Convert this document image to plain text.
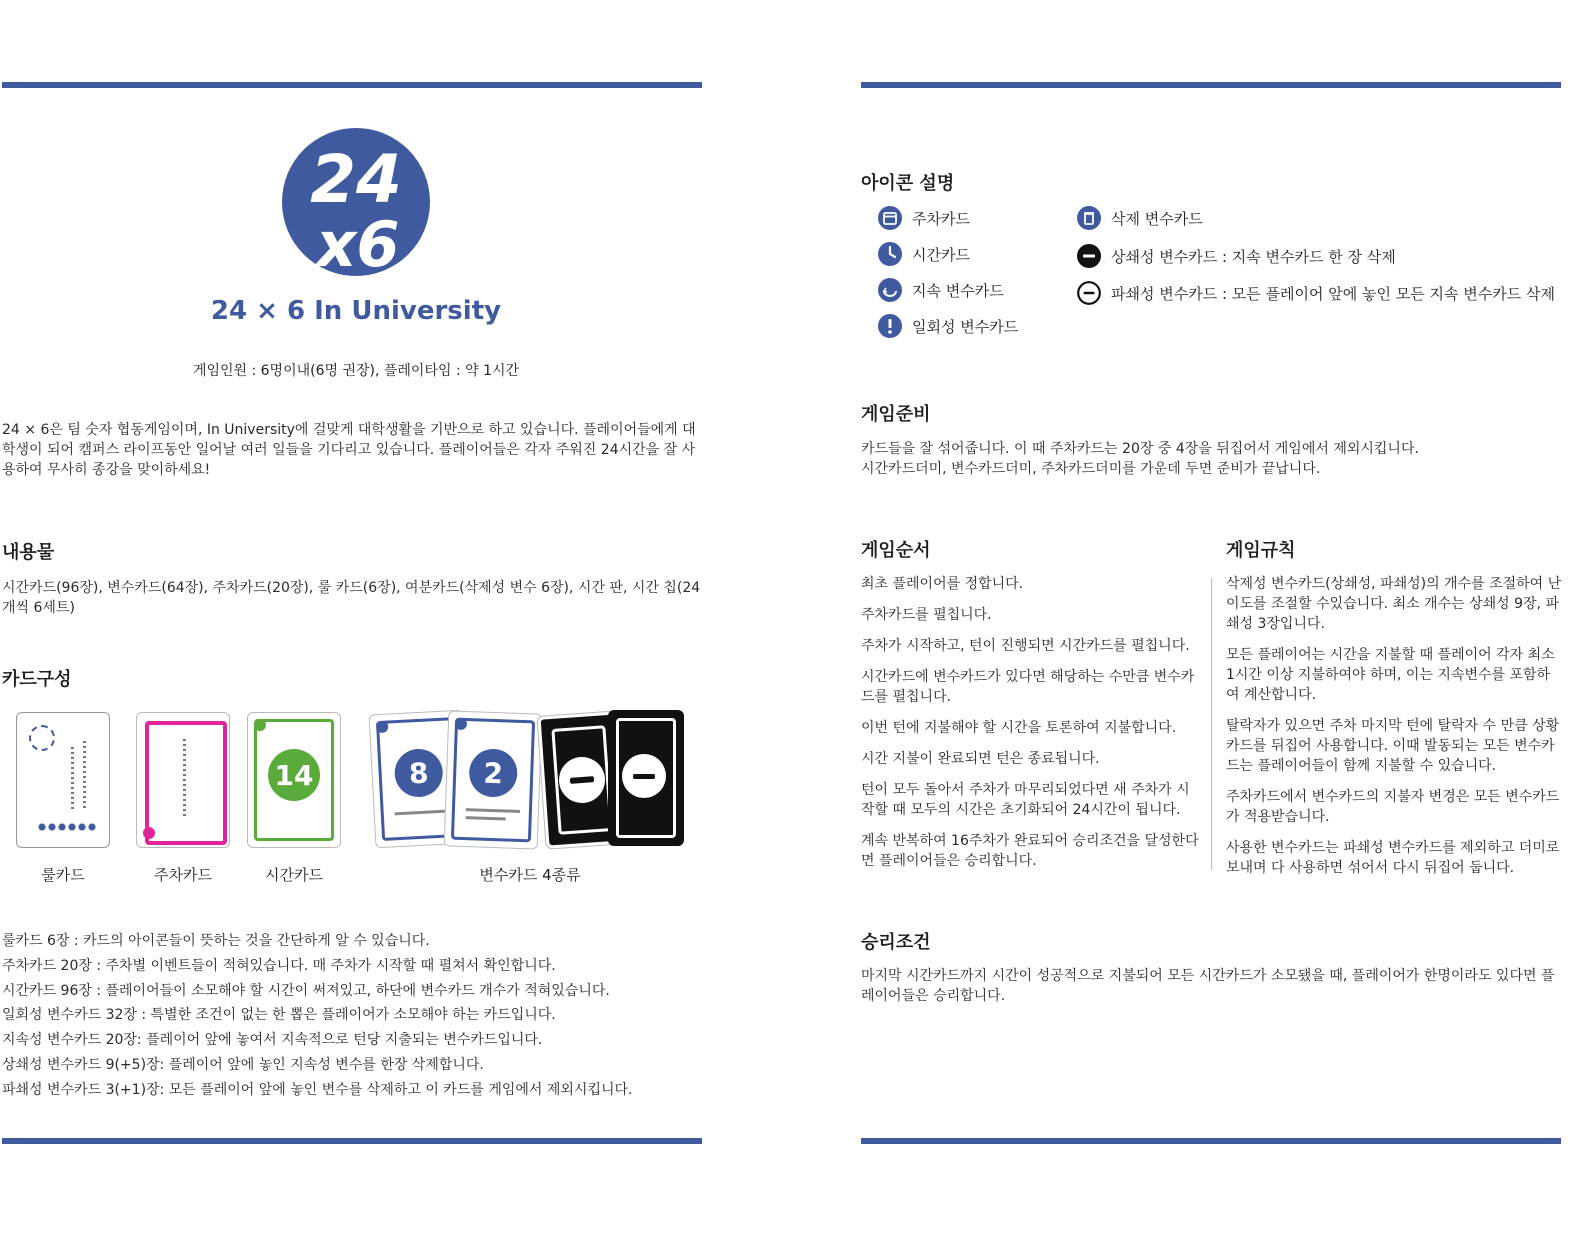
24
x6
24 × 6 In University
게임인원 : 6명이내(6명 권장), 플레이타임 : 약 1시간
24 × 6은 팀 숫자 협동게임이며, In University에 걸맞게 대학생활을 기반으로 하고 있습니다. 플레이어들에게 대학생이 되어 캠퍼스 라이프동안 일어날 여러 일들을 기다리고 있습니다. 플레이어들은 각자 주워진 24시간을 잘 사용하여 무사히 종강을 맞이하세요!
내용물
시간카드(96장), 변수카드(64장), 주차카드(20장), 룰 카드(6장), 여분카드(삭제성 변수 6장), 시간 판, 시간 칩(24개씩 6세트)
카드구성
14	8	2
룰카드	주차카드	시간카드	변수카드 4종류
룰카드 6장 : 카드의 아이콘들이 뜻하는 것을 간단하게 알 수 있습니다.
주차카드 20장 : 주차별 이벤트들이 적혀있습니다. 매 주차가 시작할 때 펼쳐서 확인합니다.
시간카드 96장 : 플레이어들이 소모해야 할 시간이 써져있고, 하단에 변수카드 개수가 적혀있습니다.
일회성 변수카드 32장 : 특별한 조건이 없는 한 뽑은 플레이어가 소모해야 하는 카드입니다.
지속성 변수카드 20장: 플레이어 앞에 놓여서 지속적으로 턴당 지출되는 변수카드입니다.
상쇄성 변수카드 9(+5)장: 플레이어 앞에 놓인 지속성 변수를 한장 삭제합니다.
파쇄성 변수카드 3(+1)장: 모든 플레이어 앞에 놓인 변수를 삭제하고 이 카드를 게임에서 제외시킵니다.
아이콘 설명
주차카드
시간카드
지속 변수카드
일회성 변수카드
삭제 변수카드
상쇄성 변수카드 : 지속 변수카드 한 장 삭제
파쇄성 변수카드 : 모든 플레이어 앞에 놓인 모든 지속 변수카드 삭제
게임준비
카드들을 잘 섞어줍니다. 이 때 주차카드는 20장 중 4장을 뒤집어서 게임에서 제외시킵니다.
시간카드더미, 변수카드더미, 주차카드더미를 가운데 두면 준비가 끝납니다.
게임순서
최초 플레이어를 정합니다.
주차카드를 펼칩니다.
주차가 시작하고, 턴이 진행되면 시간카드를 펼칩니다.
시간카드에 변수카드가 있다면 해당하는 수만큼 변수카드를 펼칩니다.
이번 턴에 지불해야 할 시간을 토론하여 지불합니다.
시간 지불이 완료되면 턴은 종료됩니다.
턴이 모두 돌아서 주차가 마무리되었다면 새 주차가 시작할 때 모두의 시간은 초기화되어 24시간이 됩니다.
계속 반복하여 16주차가 완료되어 승리조건을 달성한다면 플레이어들은 승리합니다.
게임규칙
삭제성 변수카드(상쇄성, 파쇄성)의 개수를 조절하여 난이도를 조절할 수있습니다. 최소 개수는 상쇄성 9장, 파쇄성 3장입니다.
모든 플레이어는 시간을 지불할 때 플레이어 각자 최소 1시간 이상 지불하여야 하며, 이는 지속변수를 포함하여 계산합니다.
탈락자가 있으면 주차 마지막 턴에 탈락자 수 만큼 상황카드를 뒤집어 사용합니다. 이때 발동되는 모든 변수카드는 플레이어들이 함께 지불할 수 있습니다.
주차카드에서 변수카드의 지불자 변경은 모든 변수카드가 적용받습니다.
사용한 변수카드는 파쇄성 변수카드를 제외하고 더미로 보내며 다 사용하면 섞어서 다시 뒤집어 둡니다.
승리조건
마지막 시간카드까지 시간이 성공적으로 지불되어 모든 시간카드가 소모됐을 때, 플레이어가 한명이라도 있다면 플레이어들은 승리합니다.
